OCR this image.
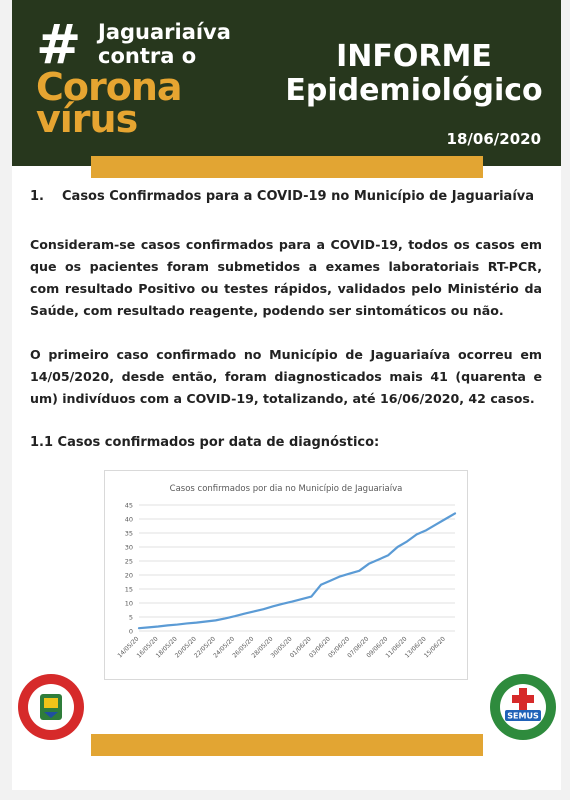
# Jaguariaíva
contra o
Corona
vírus
INFORME
Epidemiológico
18/06/2020
1. Casos Confirmados para a COVID-19 no Município de Jaguariaíva
Consideram-se casos confirmados para a COVID-19, todos os casos em que os pacientes foram submetidos a exames laboratoriais RT-PCR, com resultado Positivo ou testes rápidos, validados pelo Ministério da Saúde, com resultado reagente, podendo ser sintomáticos ou não.
O primeiro caso confirmado no Município de Jaguariaíva ocorreu em 14/05/2020, desde então, foram diagnosticados mais 41 (quarenta e um) indivíduos com a COVID-19, totalizando, até 16/06/2020, 42 casos.
1.1 Casos confirmados por data de diagnóstico:
Casos confirmados por dia no Município de Jaguariaíva
0
5
10
15
20
25
30
35
40
45
14/05/20
16/05/20
18/05/20
20/05/20
22/05/20
24/05/20
26/05/20
28/05/20
30/05/20
01/06/20
03/06/20
05/06/20
07/06/20
09/06/20
11/06/20
13/06/20
15/06/20
SEMUS
